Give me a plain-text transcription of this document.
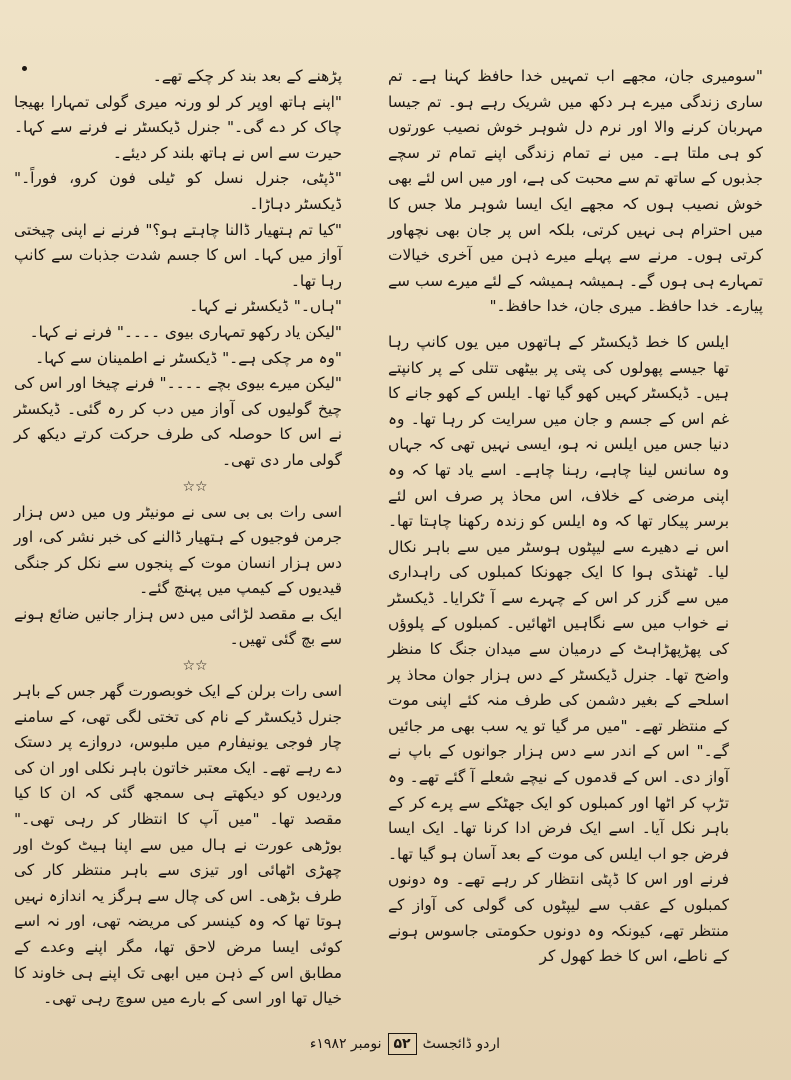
"سومیری جان، مجھے اب تمہیں خدا حافظ کہنا ہے۔ تم ساری زندگی میرے ہر دکھ میں شریک رہے ہو۔ تم جیسا مہربان کرنے والا اور نرم دل شوہر خوش نصیب عورتوں کو ہی ملتا ہے۔ میں نے تمام زندگی اپنے تمام تر سچے جذبوں کے ساتھ تم سے محبت کی ہے، اور میں اس لئے بھی خوش نصیب ہوں کہ مجھے ایک ایسا شوہر ملا جس کا میں احترام ہی نہیں کرتی، بلکہ اس پر جان بھی نچھاور کرتی ہوں۔ مرنے سے پہلے میرے ذہن میں آخری خیالات تمہارے ہی ہوں گے۔ ہمیشہ ہمیشہ کے لئے میرے سب سے پیارے۔ خدا حافظ۔ میری جان، خدا حافظ۔"

ایلس کا خط ڈیکسٹر کے ہاتھوں میں یوں کانپ رہا تھا جیسے پھولوں کی پتی پر بیٹھی تتلی کے پر کانپتے ہیں۔ ڈیکسٹر کہیں کھو گیا تھا۔ ایلس کے کھو جانے کا غم اس کے جسم و جان میں سرایت کر رہا تھا۔ وہ دنیا جس میں ایلس نہ ہو، ایسی نہیں تھی کہ جہاں وہ سانس لینا چاہے، رہنا چاہے۔ اسے یاد تھا کہ وہ اپنی مرضی کے خلاف، اس محاذ پر صرف اس لئے برسر پیکار تھا کہ وہ ایلس کو زندہ رکھنا چاہتا تھا۔ اس نے دھیرے سے لیپٹوں ہوسٹر میں سے باہر نکال لیا۔ ٹھنڈی ہوا کا ایک جھونکا کمبلوں کی راہداری میں سے گزر کر اس کے چہرے سے آ ٹکرایا۔ ڈیکسٹر نے خواب میں سے نگاہیں اٹھائیں۔ کمبلوں کے پلوؤں کی پھڑپھڑاہٹ کے درمیان سے میدان جنگ کا منظر واضح تھا۔ جنرل ڈیکسٹر کے دس ہزار جوان محاذ پر اسلحے کے بغیر دشمن کی طرف منہ کئے اپنی موت کے منتظر تھے۔ "میں مر گیا تو یہ سب بھی مر جائیں گے۔" اس کے اندر سے دس ہزار جوانوں کے باپ نے آواز دی۔ اس کے قدموں کے نیچے شعلے آ گئے تھے۔ وہ تڑپ کر اٹھا اور کمبلوں کو ایک جھٹکے سے پرے کر کے باہر نکل آیا۔ اسے ایک فرض ادا کرنا تھا۔ ایک ایسا فرض جو اب ایلس کی موت کے بعد آسان ہو گیا تھا۔ فرنے اور اس کا ڈپٹی انتظار کر رہے تھے۔ وہ دونوں کمبلوں کے عقب سے لیپٹوں کی گولی کی آواز کے منتظر تھے، کیونکہ وہ دونوں حکومتی جاسوس ہونے کے ناطے، اس کا خط کھول کر

پڑھنے کے بعد بند کر چکے تھے۔

"اپنے ہاتھ اوپر کر لو ورنہ میری گولی تمہارا بھیجا چاک کر دے گی۔" جنرل ڈیکسٹر نے فرنے سے کہا۔ حیرت سے اس نے ہاتھ بلند کر دیئے۔

"ڈپٹی، جنرل نسل کو ٹیلی فون کرو، فوراً۔" ڈیکسٹر دہاڑا۔

"کیا تم ہتھیار ڈالنا چاہتے ہو؟" فرنے نے اپنی چیختی آواز میں کہا۔ اس کا جسم شدت جذبات سے کانپ رہا تھا۔

"ہاں۔" ڈیکسٹر نے کہا۔

"لیکن یاد رکھو تمہاری بیوی ۔۔۔۔" فرنے نے کہا۔

"وہ مر چکی ہے۔" ڈیکسٹر نے اطمینان سے کہا۔

"لیکن میرے بیوی بچے ۔۔۔۔" فرنے چیخا اور اس کی چیخ گولیوں کی آواز میں دب کر رہ گئی۔ ڈیکسٹر نے اس کا حوصلہ کی طرف حرکت کرتے دیکھ کر گولی مار دی تھی۔

☆☆

اسی رات بی بی سی نے مونیٹر وں میں دس ہزار جرمن فوجیوں کے ہتھیار ڈالنے کی خبر نشر کی، اور دس ہزار انسان موت کے پنجوں سے نکل کر جنگی قیدیوں کے کیمپ میں پہنچ گئے۔

ایک بے مقصد لڑائی میں دس ہزار جانیں ضائع ہونے سے بچ گئی تھیں۔

☆☆

اسی رات برلن کے ایک خوبصورت گھر جس کے باہر جنرل ڈیکسٹر کے نام کی تختی لگی تھی، کے سامنے چار فوجی یونیفارم میں ملبوس، دروازے پر دستک دے رہے تھے۔ ایک معتبر خاتون باہر نکلی اور ان کی وردیوں کو دیکھتے ہی سمجھ گئی کہ ان کا کیا مقصد تھا۔ "میں آپ کا انتظار کر رہی تھی۔" بوڑھی عورت نے ہال میں سے اپنا ہیٹ کوٹ اور چھڑی اٹھائی اور تیزی سے باہر منتظر کار کی طرف بڑھی۔ اس کی چال سے ہرگز یہ اندازہ نہیں ہوتا تھا کہ وہ کینسر کی مریضہ تھی، اور نہ اسے کوئی ایسا مرض لاحق تھا، مگر اپنے وعدے کے مطابق اس کے ذہن میں ابھی تک اپنے ہی خاوند کا خیال تھا اور اسی کے بارے میں سوچ رہی تھی۔

اردو ڈائجسٹ
۵۲
نومبر ۱۹۸۲ء
